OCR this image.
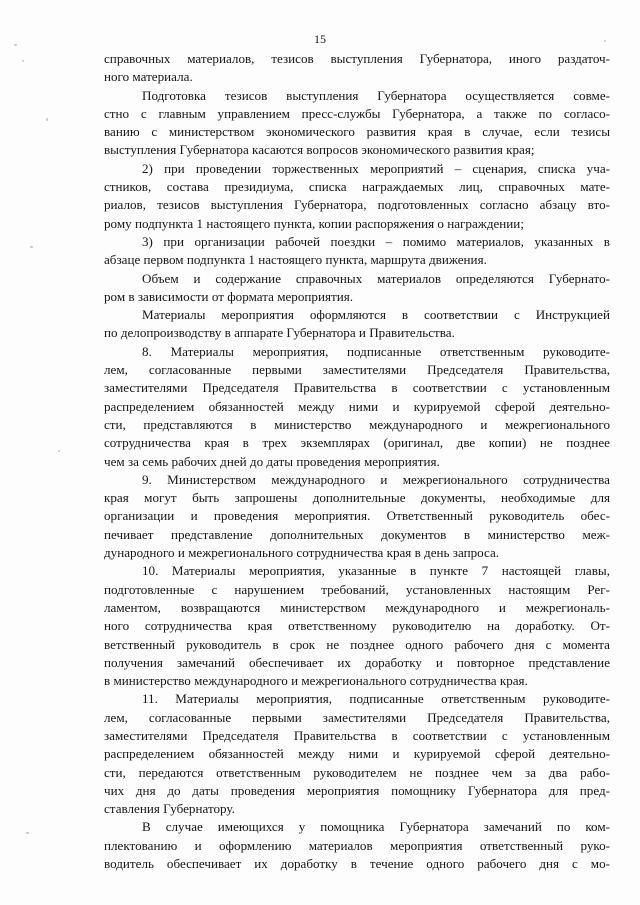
15
справочных материалов, тезисов выступления Губернатора, иного раздаточ-
ного материала.
Подготовка тезисов выступления Губернатора осуществляется совме-
стно с главным управлением пресс-службы Губернатора, а также по согласо-
ванию с министерством экономического развития края в случае, если тезисы
выступления Губернатора касаются вопросов экономического развития края;
2) при проведении торжественных мероприятий – сценария, списка уча-
стников, состава президиума, списка награждаемых лиц, справочных мате-
риалов, тезисов выступления Губернатора, подготовленных согласно абзацу вто-
рому подпункта 1 настоящего пункта, копии распоряжения о награждении;
3) при организации рабочей поездки – помимо материалов, указанных в
абзаце первом подпункта 1 настоящего пункта, маршрута движения.
Объем и содержание справочных материалов определяются Губернато-
ром в зависимости от формата мероприятия.
Материалы мероприятия оформляются в соответствии с Инструкцией
по делопроизводству в аппарате Губернатора и Правительства.
8. Материалы мероприятия, подписанные ответственным руководите-
лем, согласованные первыми заместителями Председателя Правительства,
заместителями Председателя Правительства в соответствии с установленным
распределением обязанностей между ними и курируемой сферой деятельно-
сти, представляются в министерство международного и межрегионального
сотрудничества края в трех экземплярах (оригинал, две копии) не позднее
чем за семь рабочих дней до даты проведения мероприятия.
9. Министерством международного и межрегионального сотрудничества
края могут быть запрошены дополнительные документы, необходимые для
организации и проведения мероприятия. Ответственный руководитель обес-
печивает представление дополнительных документов в министерство меж-
дународного и межрегионального сотрудничества края в день запроса.
10. Материалы мероприятия, указанные в пункте 7 настоящей главы,
подготовленные с нарушением требований, установленных настоящим Рег-
ламентом, возвращаются министерством международного и межрегиональ-
ного сотрудничества края ответственному руководителю на доработку. От-
ветственный руководитель в срок не позднее одного рабочего дня с момента
получения замечаний обеспечивает их доработку и повторное представление
в министерство международного и межрегионального сотрудничества края.
11. Материалы мероприятия, подписанные ответственным руководите-
лем, согласованные первыми заместителями Председателя Правительства,
заместителями Председателя Правительства в соответствии с установленным
распределением обязанностей между ними и курируемой сферой деятельно-
сти, передаются ответственным руководителем не позднее чем за два рабо-
чих дня до даты проведения мероприятия помощнику Губернатора для пред-
ставления Губернатору.
В случае имеющихся у помощника Губернатора замечаний по ком-
плектованию и оформлению материалов мероприятия ответственный руко-
водитель обеспечивает их доработку в течение одного рабочего дня с мо-
